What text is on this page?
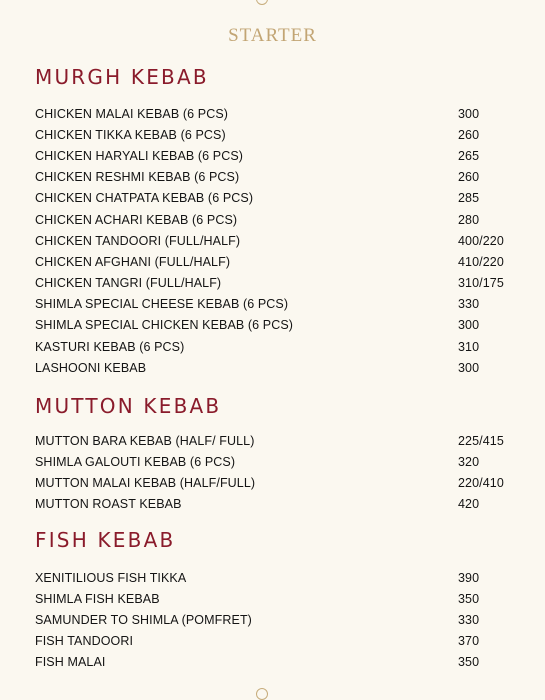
STARTER
MURGH KEBAB
CHICKEN MALAI KEBAB (6 PCS)	300
CHICKEN TIKKA KEBAB (6 PCS)	260
CHICKEN HARYALI KEBAB (6 PCS)	265
CHICKEN RESHMI KEBAB (6 PCS)	260
CHICKEN CHATPATA KEBAB (6 PCS)	285
CHICKEN ACHARI KEBAB (6 PCS)	280
CHICKEN TANDOORI (FULL/HALF)	400/220
CHICKEN AFGHANI (FULL/HALF)	410/220
CHICKEN TANGRI (FULL/HALF)	310/175
SHIMLA SPECIAL CHEESE KEBAB (6 PCS)	330
SHIMLA SPECIAL CHICKEN KEBAB (6 PCS)	300
KASTURI KEBAB (6 PCS)	310
LASHOONI KEBAB	300
MUTTON KEBAB
MUTTON BARA KEBAB (HALF/ FULL)	225/415
SHIMLA GALOUTI KEBAB (6 PCS)	320
MUTTON MALAI KEBAB (HALF/FULL)	220/410
MUTTON ROAST KEBAB	420
FISH KEBAB
XENITILIOUS FISH TIKKA	390
SHIMLA FISH KEBAB	350
SAMUNDER TO SHIMLA (POMFRET)	330
FISH TANDOORI	370
FISH MALAI	350
